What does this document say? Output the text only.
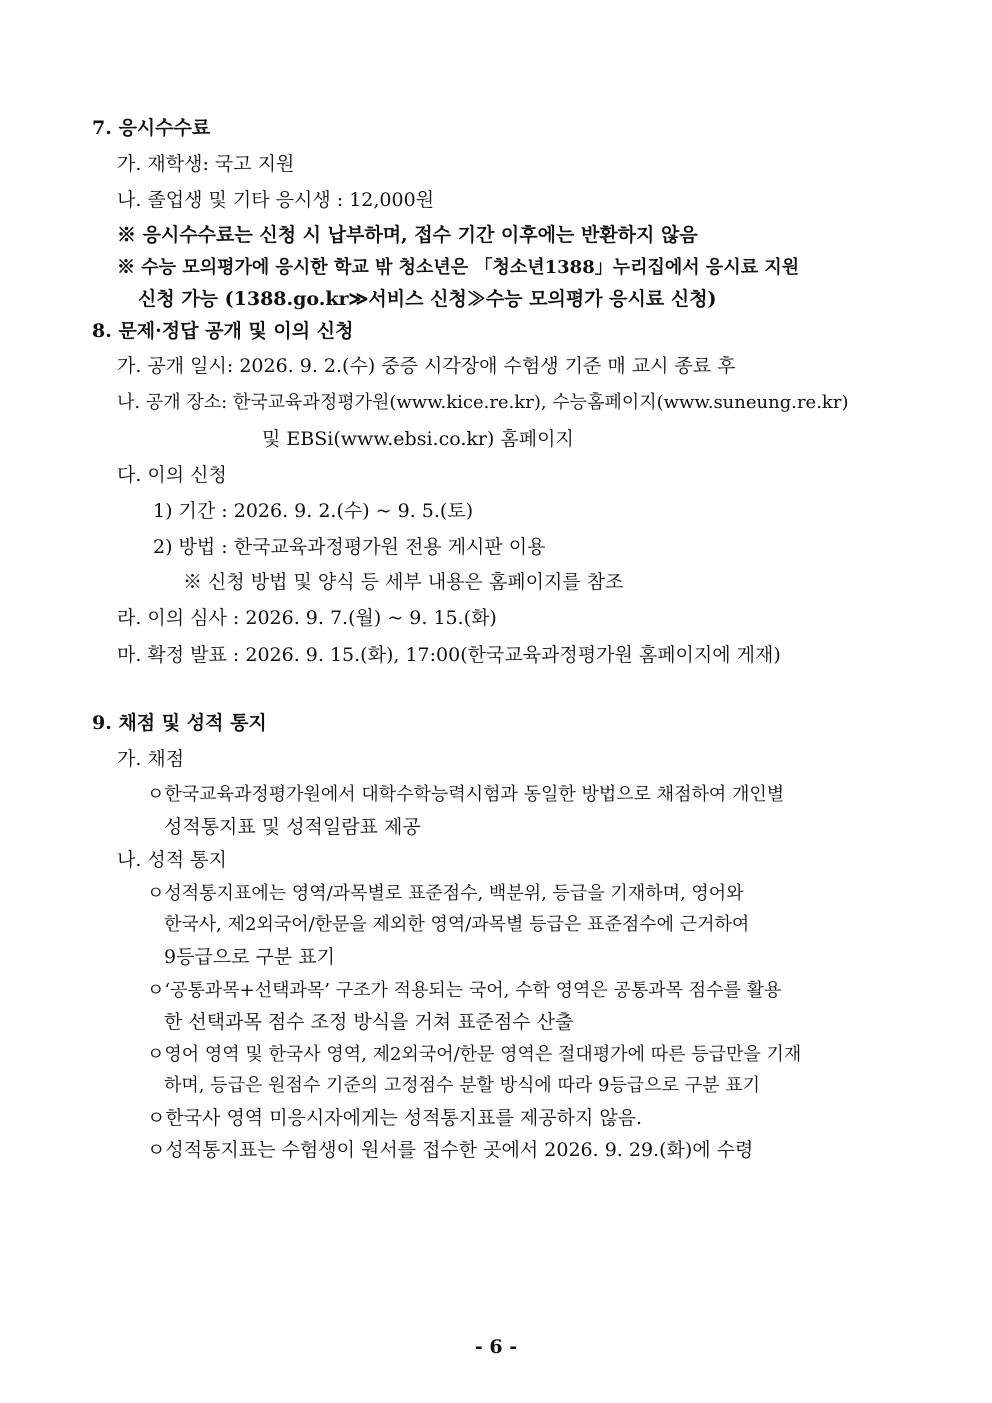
7. 응시수수료
가. 재학생: 국고 지원
나. 졸업생 및 기타 응시생 : 12,000원
※ 응시수수료는 신청 시 납부하며, 접수 기간 이후에는 반환하지 않음
※ 수능 모의평가에 응시한 학교 밖 청소년은 「청소년1388」누리집에서 응시료 지원
신청 가능 (1388.go.kr≫서비스 신청≫수능 모의평가 응시료 신청)
8. 문제·정답 공개 및 이의 신청
가. 공개 일시: 2026. 9. 2.(수) 중증 시각장애 수험생 기준 매 교시 종료 후
나. 공개 장소: 한국교육과정평가원(www.kice.re.kr), 수능홈페이지(www.suneung.re.kr)
및 EBSi(www.ebsi.co.kr) 홈페이지
다. 이의 신청
1) 기간 : 2026. 9. 2.(수) ~ 9. 5.(토)
2) 방법 : 한국교육과정평가원 전용 게시판 이용
※ 신청 방법 및 양식 등 세부 내용은 홈페이지를 참조
라. 이의 심사 : 2026. 9. 7.(월) ~ 9. 15.(화)
마. 확정 발표 : 2026. 9. 15.(화), 17:00(한국교육과정평가원 홈페이지에 게재)
9. 채점 및 성적 통지
가. 채점
ㅇ한국교육과정평가원에서 대학수학능력시험과 동일한 방법으로 채점하여 개인별
성적통지표 및 성적일람표 제공
나. 성적 통지
ㅇ성적통지표에는 영역/과목별로 표준점수, 백분위, 등급을 기재하며, 영어와
한국사, 제2외국어/한문을 제외한 영역/과목별 등급은 표준점수에 근거하여
9등급으로 구분 표기
ㅇ‘공통과목+선택과목’ 구조가 적용되는 국어, 수학 영역은 공통과목 점수를 활용
한 선택과목 점수 조정 방식을 거쳐 표준점수 산출
ㅇ영어 영역 및 한국사 영역, 제2외국어/한문 영역은 절대평가에 따른 등급만을 기재
하며, 등급은 원점수 기준의 고정점수 분할 방식에 따라 9등급으로 구분 표기
ㅇ한국사 영역 미응시자에게는 성적통지표를 제공하지 않음.
ㅇ성적통지표는 수험생이 원서를 접수한 곳에서 2026. 9. 29.(화)에 수령
- 6 -
